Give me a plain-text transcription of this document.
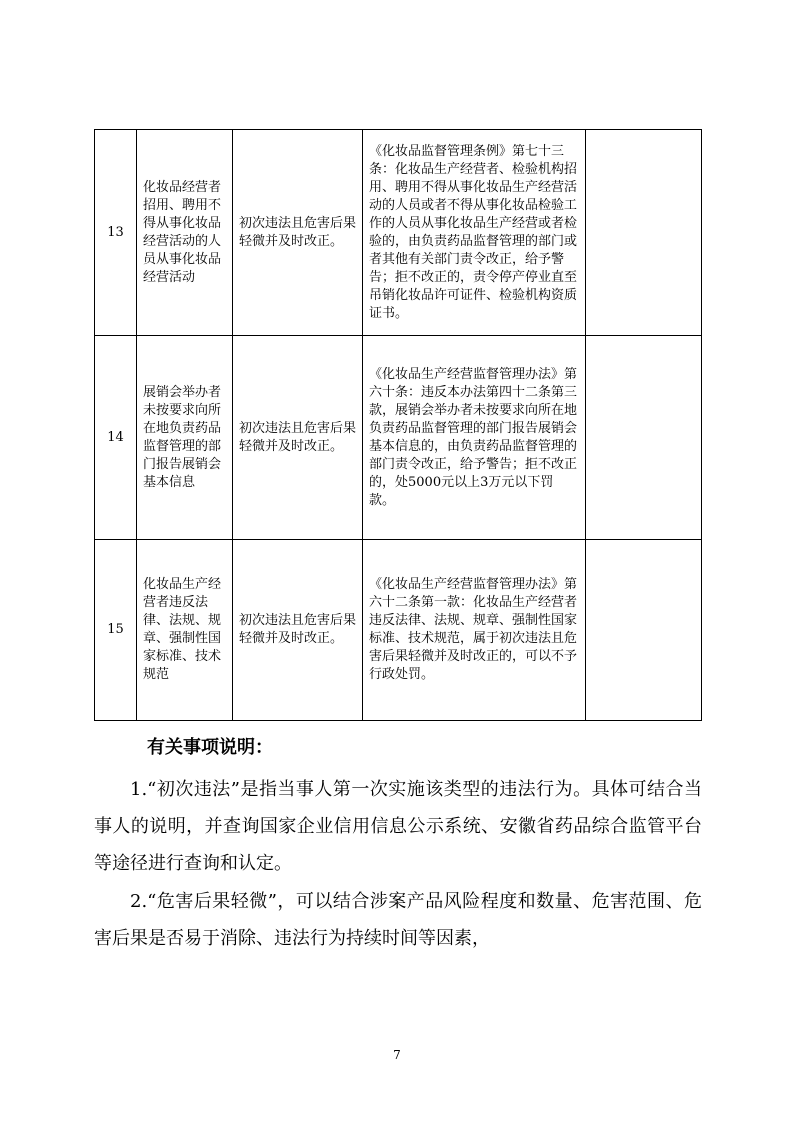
13	化妆品经营者招用、聘用不得从事化妆品经营活动的人员从事化妆品经营活动	初次违法且危害后果轻微并及时改正。	《化妆品监督管理条例》第七十三条：化妆品生产经营者、检验机构招用、聘用不得从事化妆品生产经营活动的人员或者不得从事化妆品检验工作的人员从事化妆品生产经营或者检验的，由负责药品监督管理的部门或者其他有关部门责令改正，给予警告；拒不改正的，责令停产停业直至吊销化妆品许可证件、检验机构资质证书。	
14	展销会举办者未按要求向所在地负责药品监督管理的部门报告展销会基本信息	初次违法且危害后果轻微并及时改正。	《化妆品生产经营监督管理办法》第六十条：违反本办法第四十二条第三款，展销会举办者未按要求向所在地负责药品监督管理的部门报告展销会基本信息的，由负责药品监督管理的部门责令改正，给予警告；拒不改正的，处5000元以上3万元以下罚款。	
15	化妆品生产经营者违反法律、法规、规章、强制性国家标准、技术规范	初次违法且危害后果轻微并及时改正。	《化妆品生产经营监督管理办法》第六十二条第一款：化妆品生产经营者违反法律、法规、规章、强制性国家标准、技术规范，属于初次违法且危害后果轻微并及时改正的，可以不予行政处罚。	
有关事项说明：
1.“初次违法”是指当事人第一次实施该类型的违法行为。具体可结合当事人的说明，并查询国家企业信用信息公示系统、安徽省药品综合监管平台等途径进行查询和认定。
2.“危害后果轻微”，可以结合涉案产品风险程度和数量、危害范围、危害后果是否易于消除、违法行为持续时间等因素，
7
